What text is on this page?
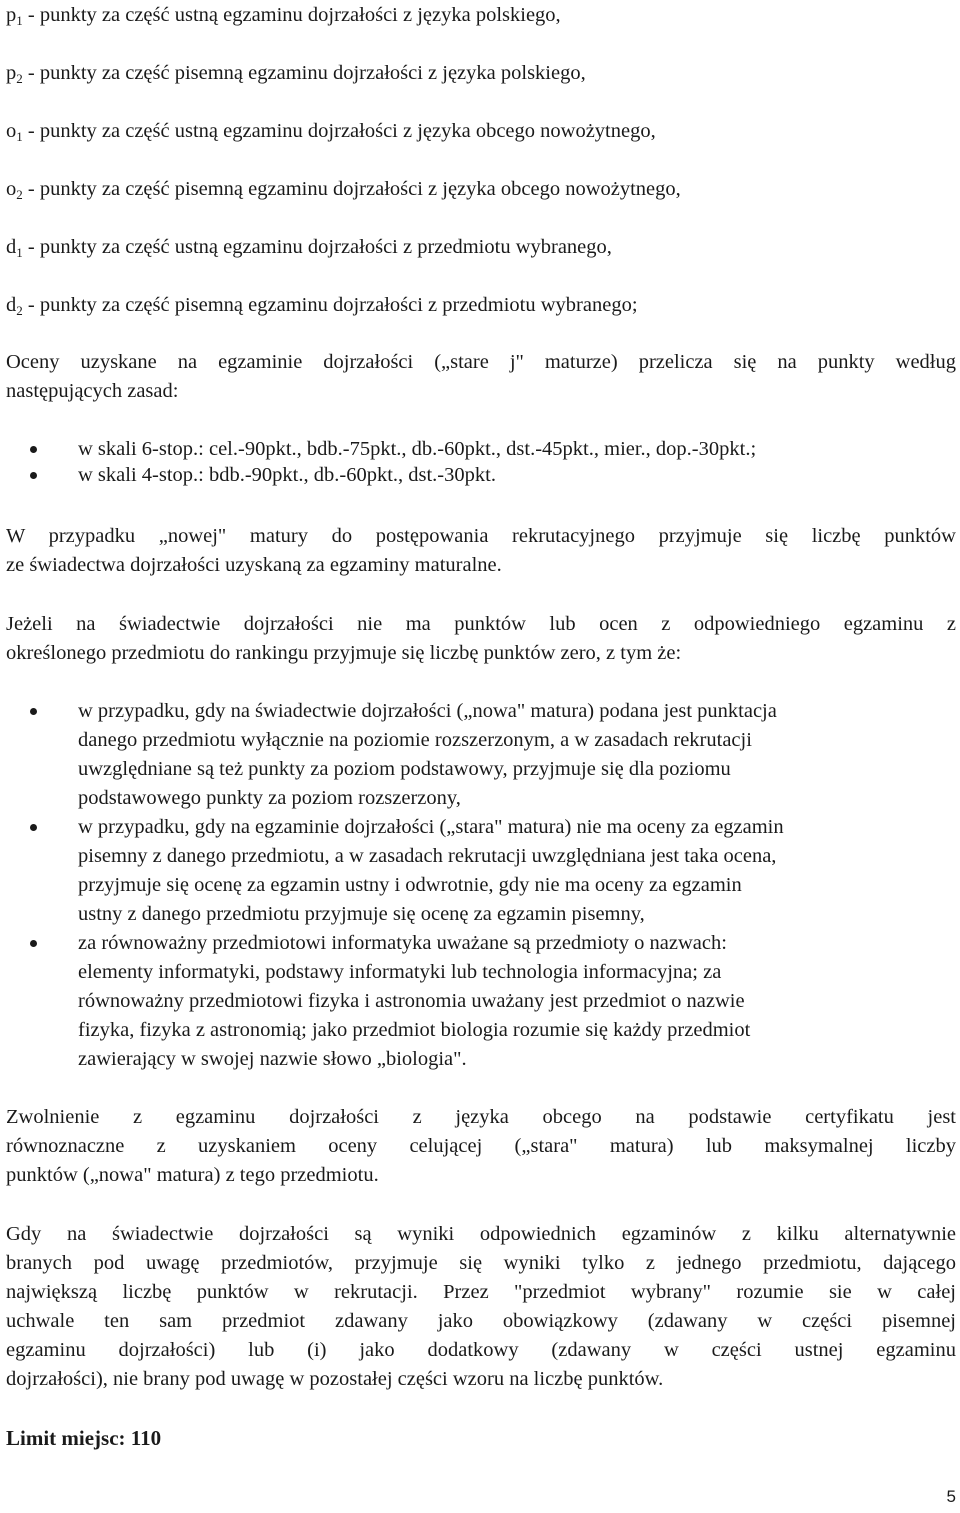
$p_1$ - punkty za część ustną egzaminu dojrzałości z języka polskiego,
$p_2$ - punkty za część pisemną egzaminu dojrzałości z języka polskiego,
$o_1$ - punkty za część ustną egzaminu dojrzałości z języka obcego nowożytnego,
$o_2$ - punkty za część pisemną egzaminu dojrzałości z języka obcego nowożytnego,
$d_1$ - punkty za część ustną egzaminu dojrzałości z przedmiotu wybranego,
$d_2$ - punkty za część pisemną egzaminu dojrzałości z przedmiotu wybranego;
Oceny uzyskane na egzaminie dojrzałości („stare j" maturze) przelicza się na punkty według
następujących zasad:
w skali 6-stop.: cel.-90pkt., bdb.-75pkt., db.-60pkt., dst.-45pkt., mier., dop.-30pkt.;
w skali 4-stop.: bdb.-90pkt., db.-60pkt., dst.-30pkt.
W przypadku „nowej" matury do postępowania rekrutacyjnego przyjmuje się liczbę punktów
ze świadectwa dojrzałości uzyskaną za egzaminy maturalne.
Jeżeli na świadectwie dojrzałości nie ma punktów lub ocen z odpowiedniego egzaminu z
określonego przedmiotu do rankingu przyjmuje się liczbę punktów zero, z tym że:
w przypadku, gdy na świadectwie dojrzałości („nowa" matura) podana jest punktacja
danego przedmiotu wyłącznie na poziomie rozszerzonym, a w zasadach rekrutacji
uwzględniane są też punkty za poziom podstawowy, przyjmuje się dla poziomu
podstawowego punkty za poziom rozszerzony,
w przypadku, gdy na egzaminie dojrzałości („stara" matura) nie ma oceny za egzamin
pisemny z danego przedmiotu, a w zasadach rekrutacji uwzględniana jest taka ocena,
przyjmuje się ocenę za egzamin ustny i odwrotnie, gdy nie ma oceny za egzamin
ustny z danego przedmiotu przyjmuje się ocenę za egzamin pisemny,
za równoważny przedmiotowi informatyka uważane są przedmioty o nazwach:
elementy informatyki, podstawy informatyki lub technologia informacyjna; za
równoważny przedmiotowi fizyka i astronomia uważany jest przedmiot o nazwie
fizyka, fizyka z astronomią; jako przedmiot biologia rozumie się każdy przedmiot
zawierający w swojej nazwie słowo „biologia".
Zwolnienie z egzaminu dojrzałości z języka obcego na podstawie certyfikatu jest
równoznaczne z uzyskaniem oceny celującej („stara" matura) lub maksymalnej liczby
punktów („nowa" matura) z tego przedmiotu.
Gdy na świadectwie dojrzałości są wyniki odpowiednich egzaminów z kilku alternatywnie
branych pod uwagę przedmiotów, przyjmuje się wyniki tylko z jednego przedmiotu, dającego
największą liczbę punktów w rekrutacji. Przez "przedmiot wybrany" rozumie sie w całej
uchwale ten sam przedmiot zdawany jako obowiązkowy (zdawany w części pisemnej
egzaminu dojrzałości) lub (i) jako dodatkowy (zdawany w części ustnej egzaminu
dojrzałości), nie brany pod uwagę w pozostałej części wzoru na liczbę punktów.
Limit miejsc: 110
5
